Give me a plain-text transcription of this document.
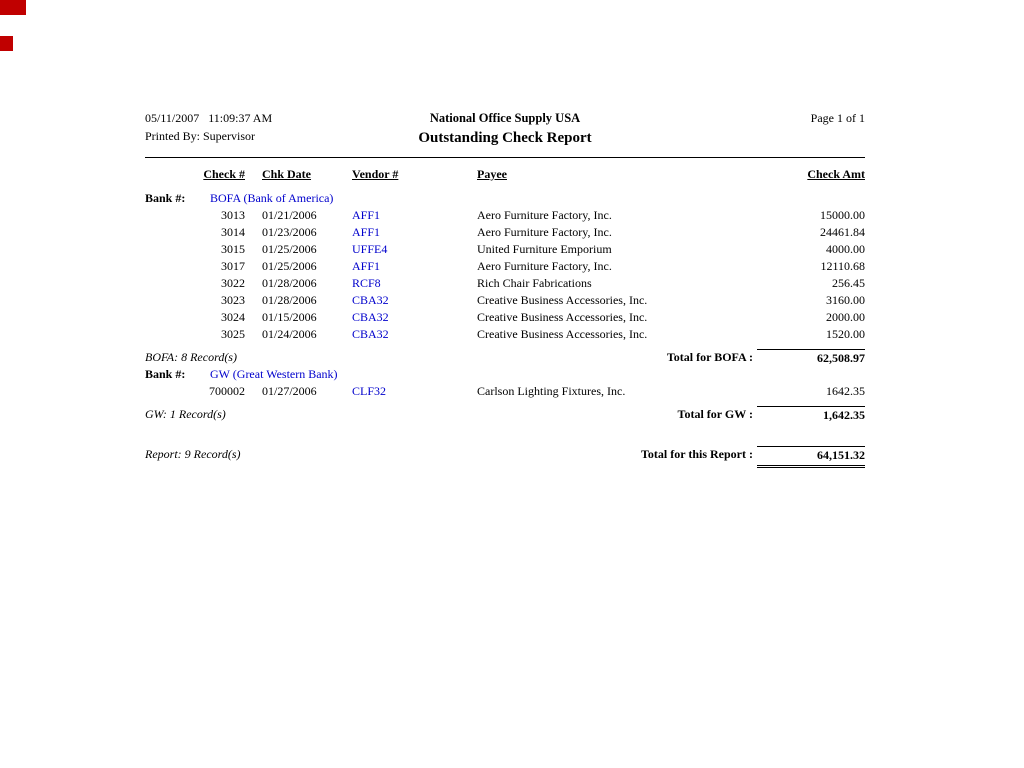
05/11/2007   11:09:37 AM	National Office Supply USA	Page 1 of 1
Printed By: Supervisor	Outstanding Check Report
Check # Chk Date	Vendor #	Payee	Check Amt
Bank #: BOFA (Bank of America)
3013 01/21/2006	AFF1	Aero Furniture Factory, Inc.	15000.00
3014 01/23/2006	AFF1	Aero Furniture Factory, Inc.	24461.84
3015 01/25/2006	UFFE4	United Furniture Emporium	4000.00
3017 01/25/2006	AFF1	Aero Furniture Factory, Inc.	12110.68
3022 01/28/2006	RCF8	Rich Chair Fabrications	256.45
3023 01/28/2006	CBA32	Creative Business Accessories, Inc.	3160.00
3024 01/15/2006	CBA32	Creative Business Accessories, Inc.	2000.00
3025 01/24/2006	CBA32	Creative Business Accessories, Inc.	1520.00
BOFA: 8 Record(s)	Total for BOFA :	62,508.97
Bank #: GW (Great Western Bank)
700002 01/27/2006	CLF32	Carlson Lighting Fixtures, Inc.	1642.35
GW: 1 Record(s)	Total for GW :	1,642.35
Report: 9 Record(s)	Total for this Report :	64,151.32
